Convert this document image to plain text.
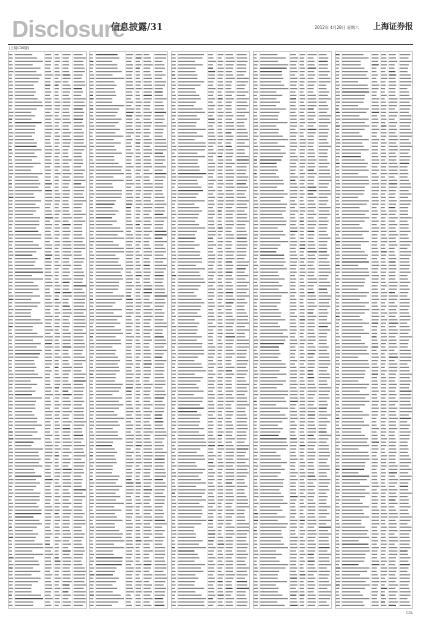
Disclosure
信息披露/31	2012年 4月28日 星期六 上海证券报
(上接C30版)
C31
